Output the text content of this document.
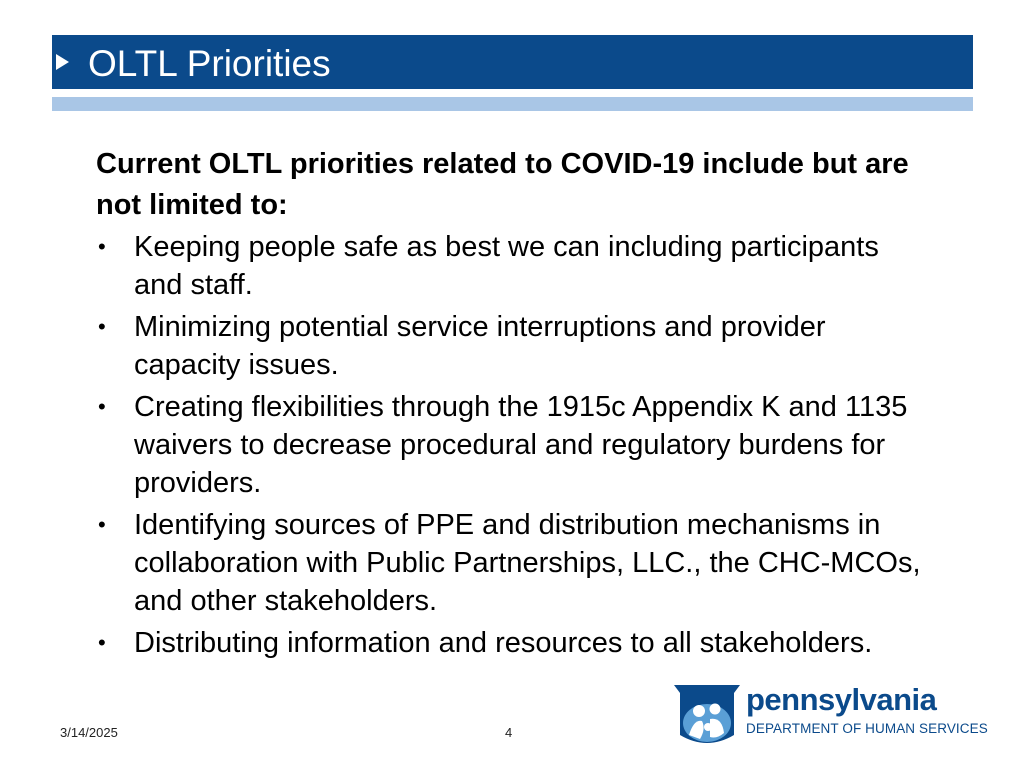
OLTL Priorities

Current OLTL priorities related to COVID-19 include but are not limited to:

• Keeping people safe as best we can including participants and staff.
• Minimizing potential service interruptions and provider capacity issues.
• Creating flexibilities through the 1915c Appendix K and 1135 waivers to decrease procedural and regulatory burdens for providers.
• Identifying sources of PPE and distribution mechanisms in collaboration with Public Partnerships, LLC., the CHC-MCOs, and other stakeholders.
• Distributing information and resources to all stakeholders.
3/14/2025	4
pennsylvania
DEPARTMENT OF HUMAN SERVICES
